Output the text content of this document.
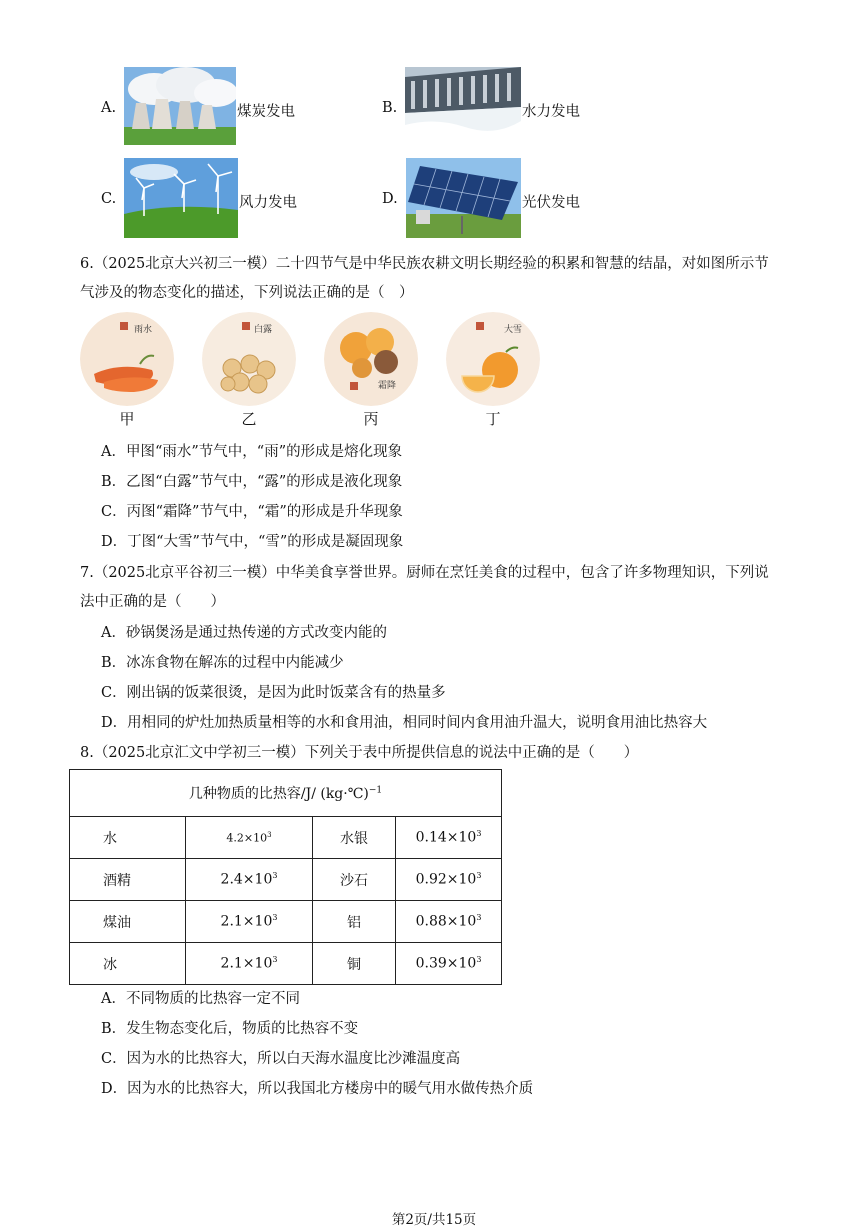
A.	煤炭发电	B.	水力发电
C.	风力发电	D.	光伏发电
6.（2025北京大兴初三一模）二十四节气是中华民族农耕文明长期经验的积累和智慧的结晶，对如图所示节
气涉及的物态变化的描述，下列说法正确的是（　）
雨水
甲
白露
乙
霜降
丙
大雪
丁
A．甲图“雨水”节气中，“雨”的形成是熔化现象
B．乙图“白露”节气中，“露”的形成是液化现象
C．丙图“霜降”节气中，“霜”的形成是升华现象
D．丁图“大雪”节气中，“雪”的形成是凝固现象
7.（2025北京平谷初三一模）中华美食享誉世界。厨师在烹饪美食的过程中，包含了许多物理知识，下列说
法中正确的是（　　）
A．砂锅煲汤是通过热传递的方式改变内能的
B．冰冻食物在解冻的过程中内能减少
C．刚出锅的饭菜很烫，是因为此时饭菜含有的热量多
D．用相同的炉灶加热质量相等的水和食用油，相同时间内食用油升温大，说明食用油比热容大
8.（2025北京汇文中学初三一模）下列关于表中所提供信息的说法中正确的是（　　）
几种物质的比热容/J/ (kg·℃)$^{-1}$
水	$4.2\times 10^3$	水银	$0.14\times 10^3$
酒精	$2.4\times 10^3$	沙石	$0.92\times 10^3$
煤油	$2.1\times 10^3$	铝	$0.88\times 10^3$
冰	$2.1\times 10^3$	铜	$0.39\times 10^3$
A．不同物质的比热容一定不同
B．发生物态变化后，物质的比热容不变
C．因为水的比热容大，所以白天海水温度比沙滩温度高
D．因为水的比热容大，所以我国北方楼房中的暖气用水做传热介质
第2页/共15页
